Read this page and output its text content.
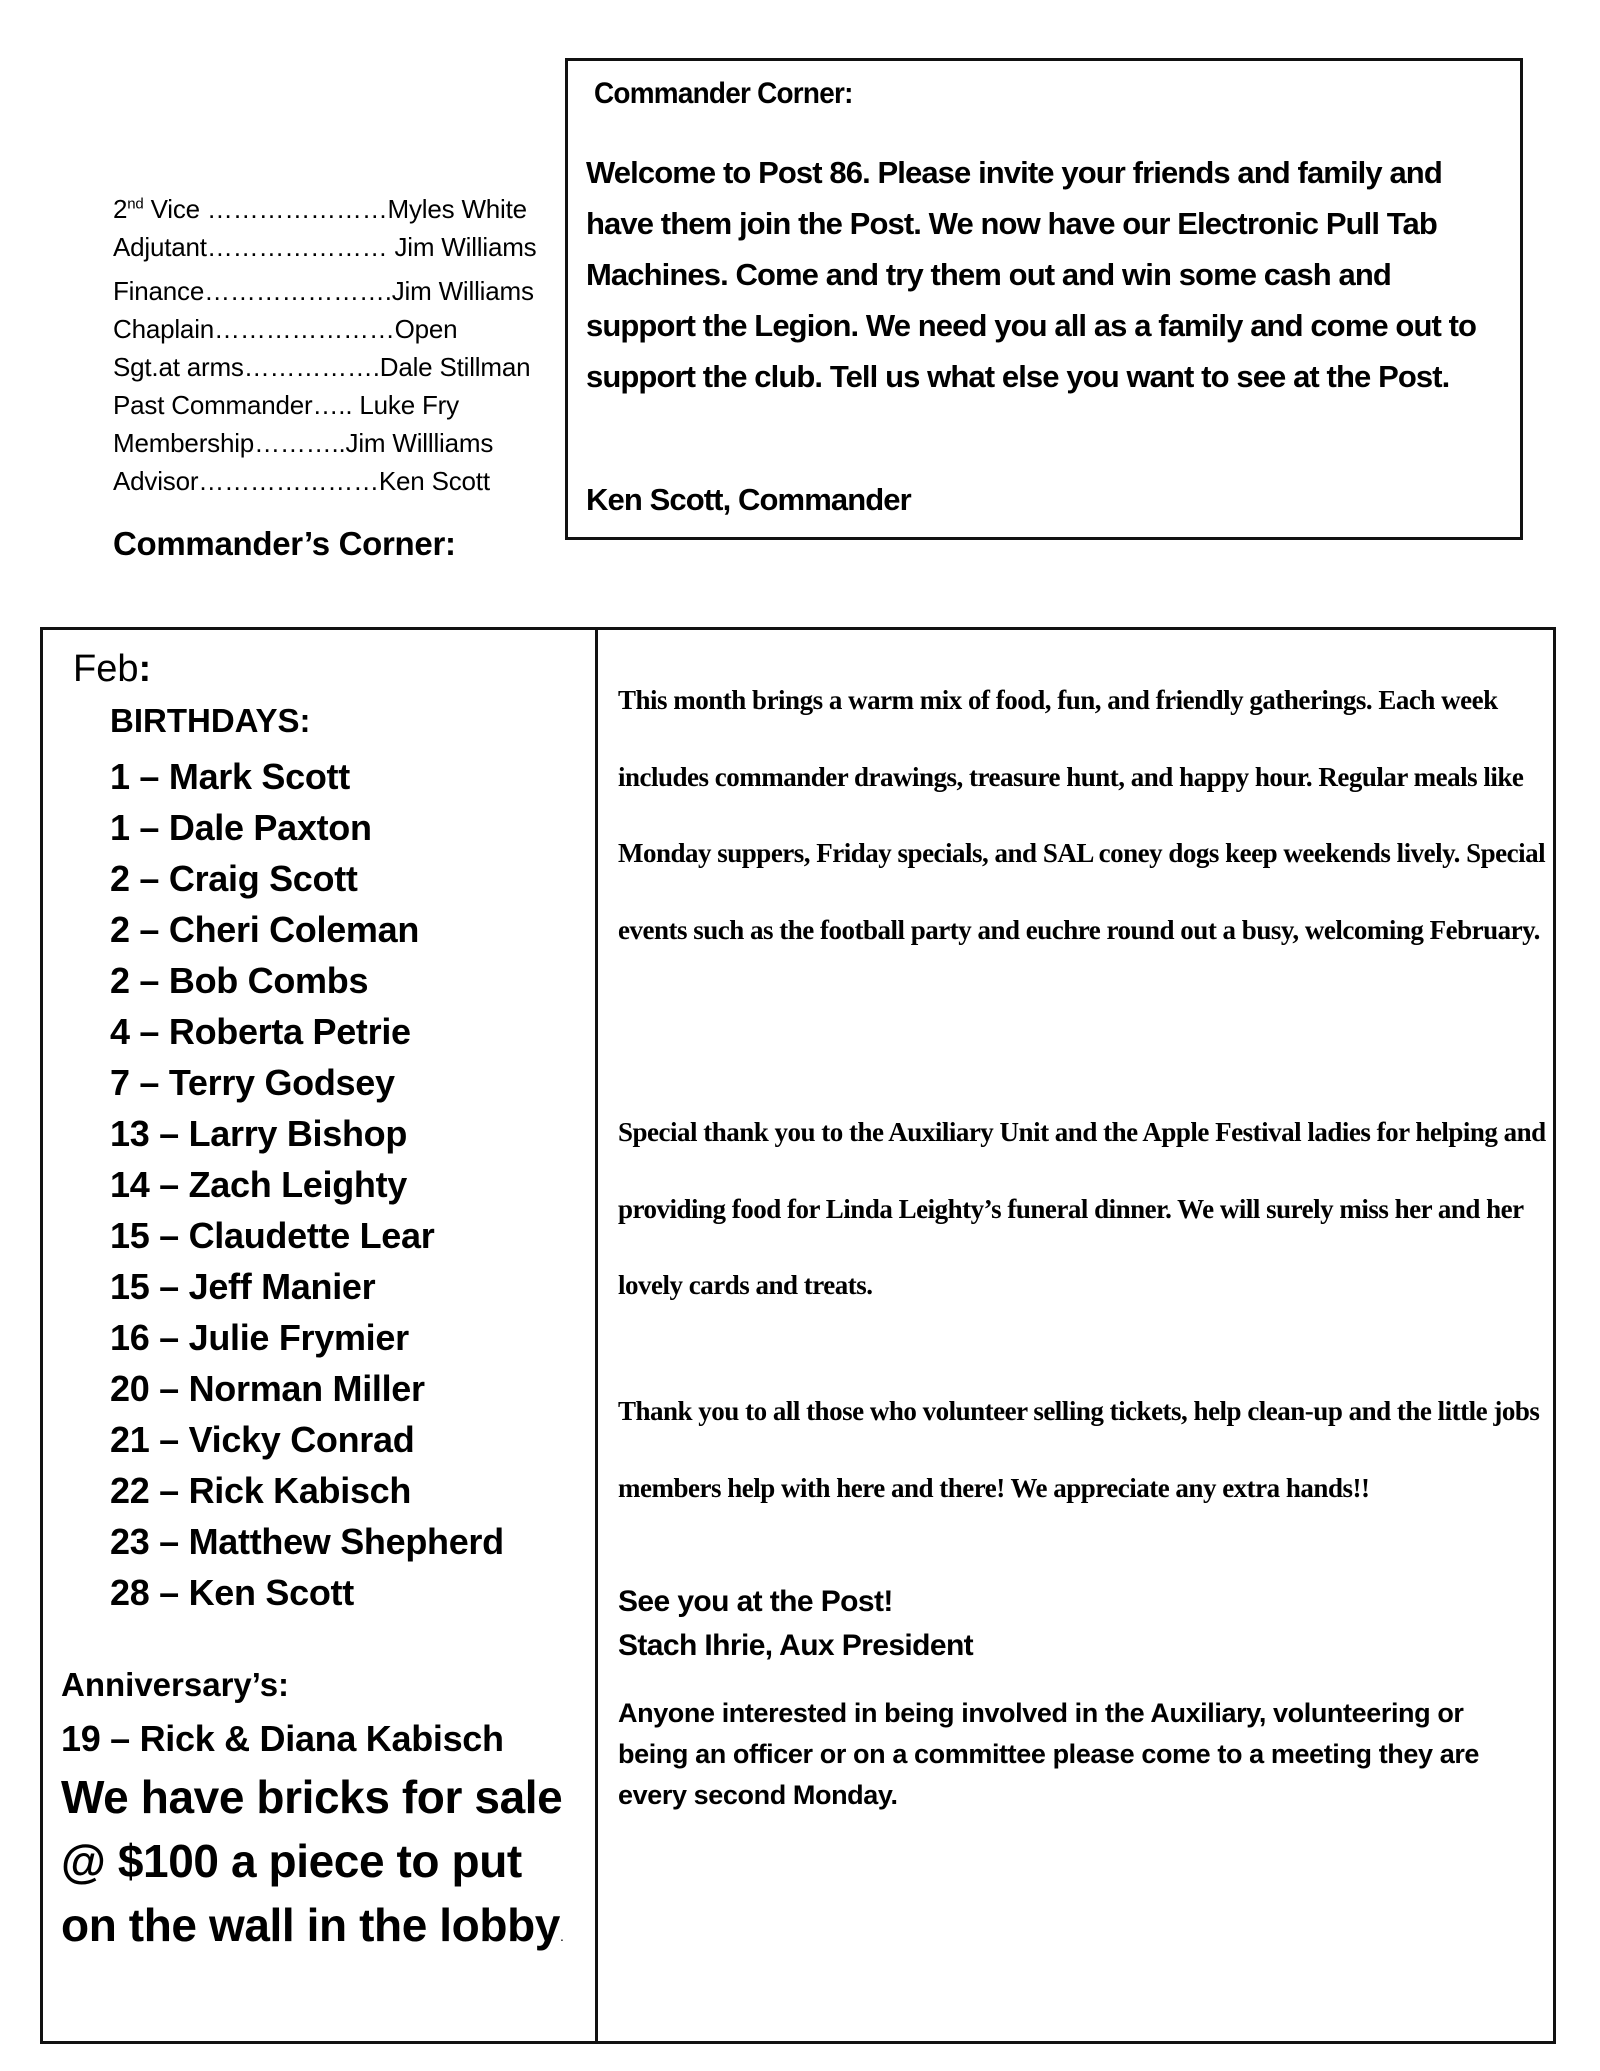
2nd Vice …………………Myles White
Adjutant………………… Jim Williams
Finance………………….Jim Williams
Chaplain…………………Open
Sgt.at arms…………….Dale Stillman
Past Commander….. Luke Fry
Membership………..Jim Willliams
Advisor…………………Ken Scott
Commander’s Corner:
Commander Corner:
Welcome to Post 86. Please invite your friends and family and have them join the Post. We now have our Electronic Pull Tab Machines. Come and try them out and win some cash and support the Legion. We need you all as a family and come out to support the club. Tell us what else you want to see at the Post.
Ken Scott, Commander
Feb:
BIRTHDAYS:
1 – Mark Scott
1 – Dale Paxton
2 – Craig Scott
2 – Cheri Coleman
2 – Bob Combs
4 – Roberta Petrie
7 – Terry Godsey
13 – Larry Bishop
14 – Zach Leighty
15 – Claudette Lear
15 – Jeff Manier
16 – Julie Frymier
20 – Norman Miller
21 – Vicky Conrad
22 – Rick Kabisch
23 – Matthew Shepherd
28 – Ken Scott
Anniversary’s:
19 – Rick & Diana Kabisch
We have bricks for sale @ $100 a piece to put on the wall in the lobby.
This month brings a warm mix of food, fun, and friendly gatherings. Each week includes commander drawings, treasure hunt, and happy hour. Regular meals like Monday suppers, Friday specials, and SAL coney dogs keep weekends lively. Special events such as the football party and euchre round out a busy, welcoming February.
Special thank you to the Auxiliary Unit and the Apple Festival ladies for helping and providing food for Linda Leighty’s funeral dinner. We will surely miss her and her lovely cards and treats.
Thank you to all those who volunteer selling tickets, help clean-up and the little jobs members help with here and there! We appreciate any extra hands!!
See you at the Post!
Stach Ihrie, Aux President
Anyone interested in being involved in the Auxiliary, volunteering or being an officer or on a committee please come to a meeting they are every second Monday.
